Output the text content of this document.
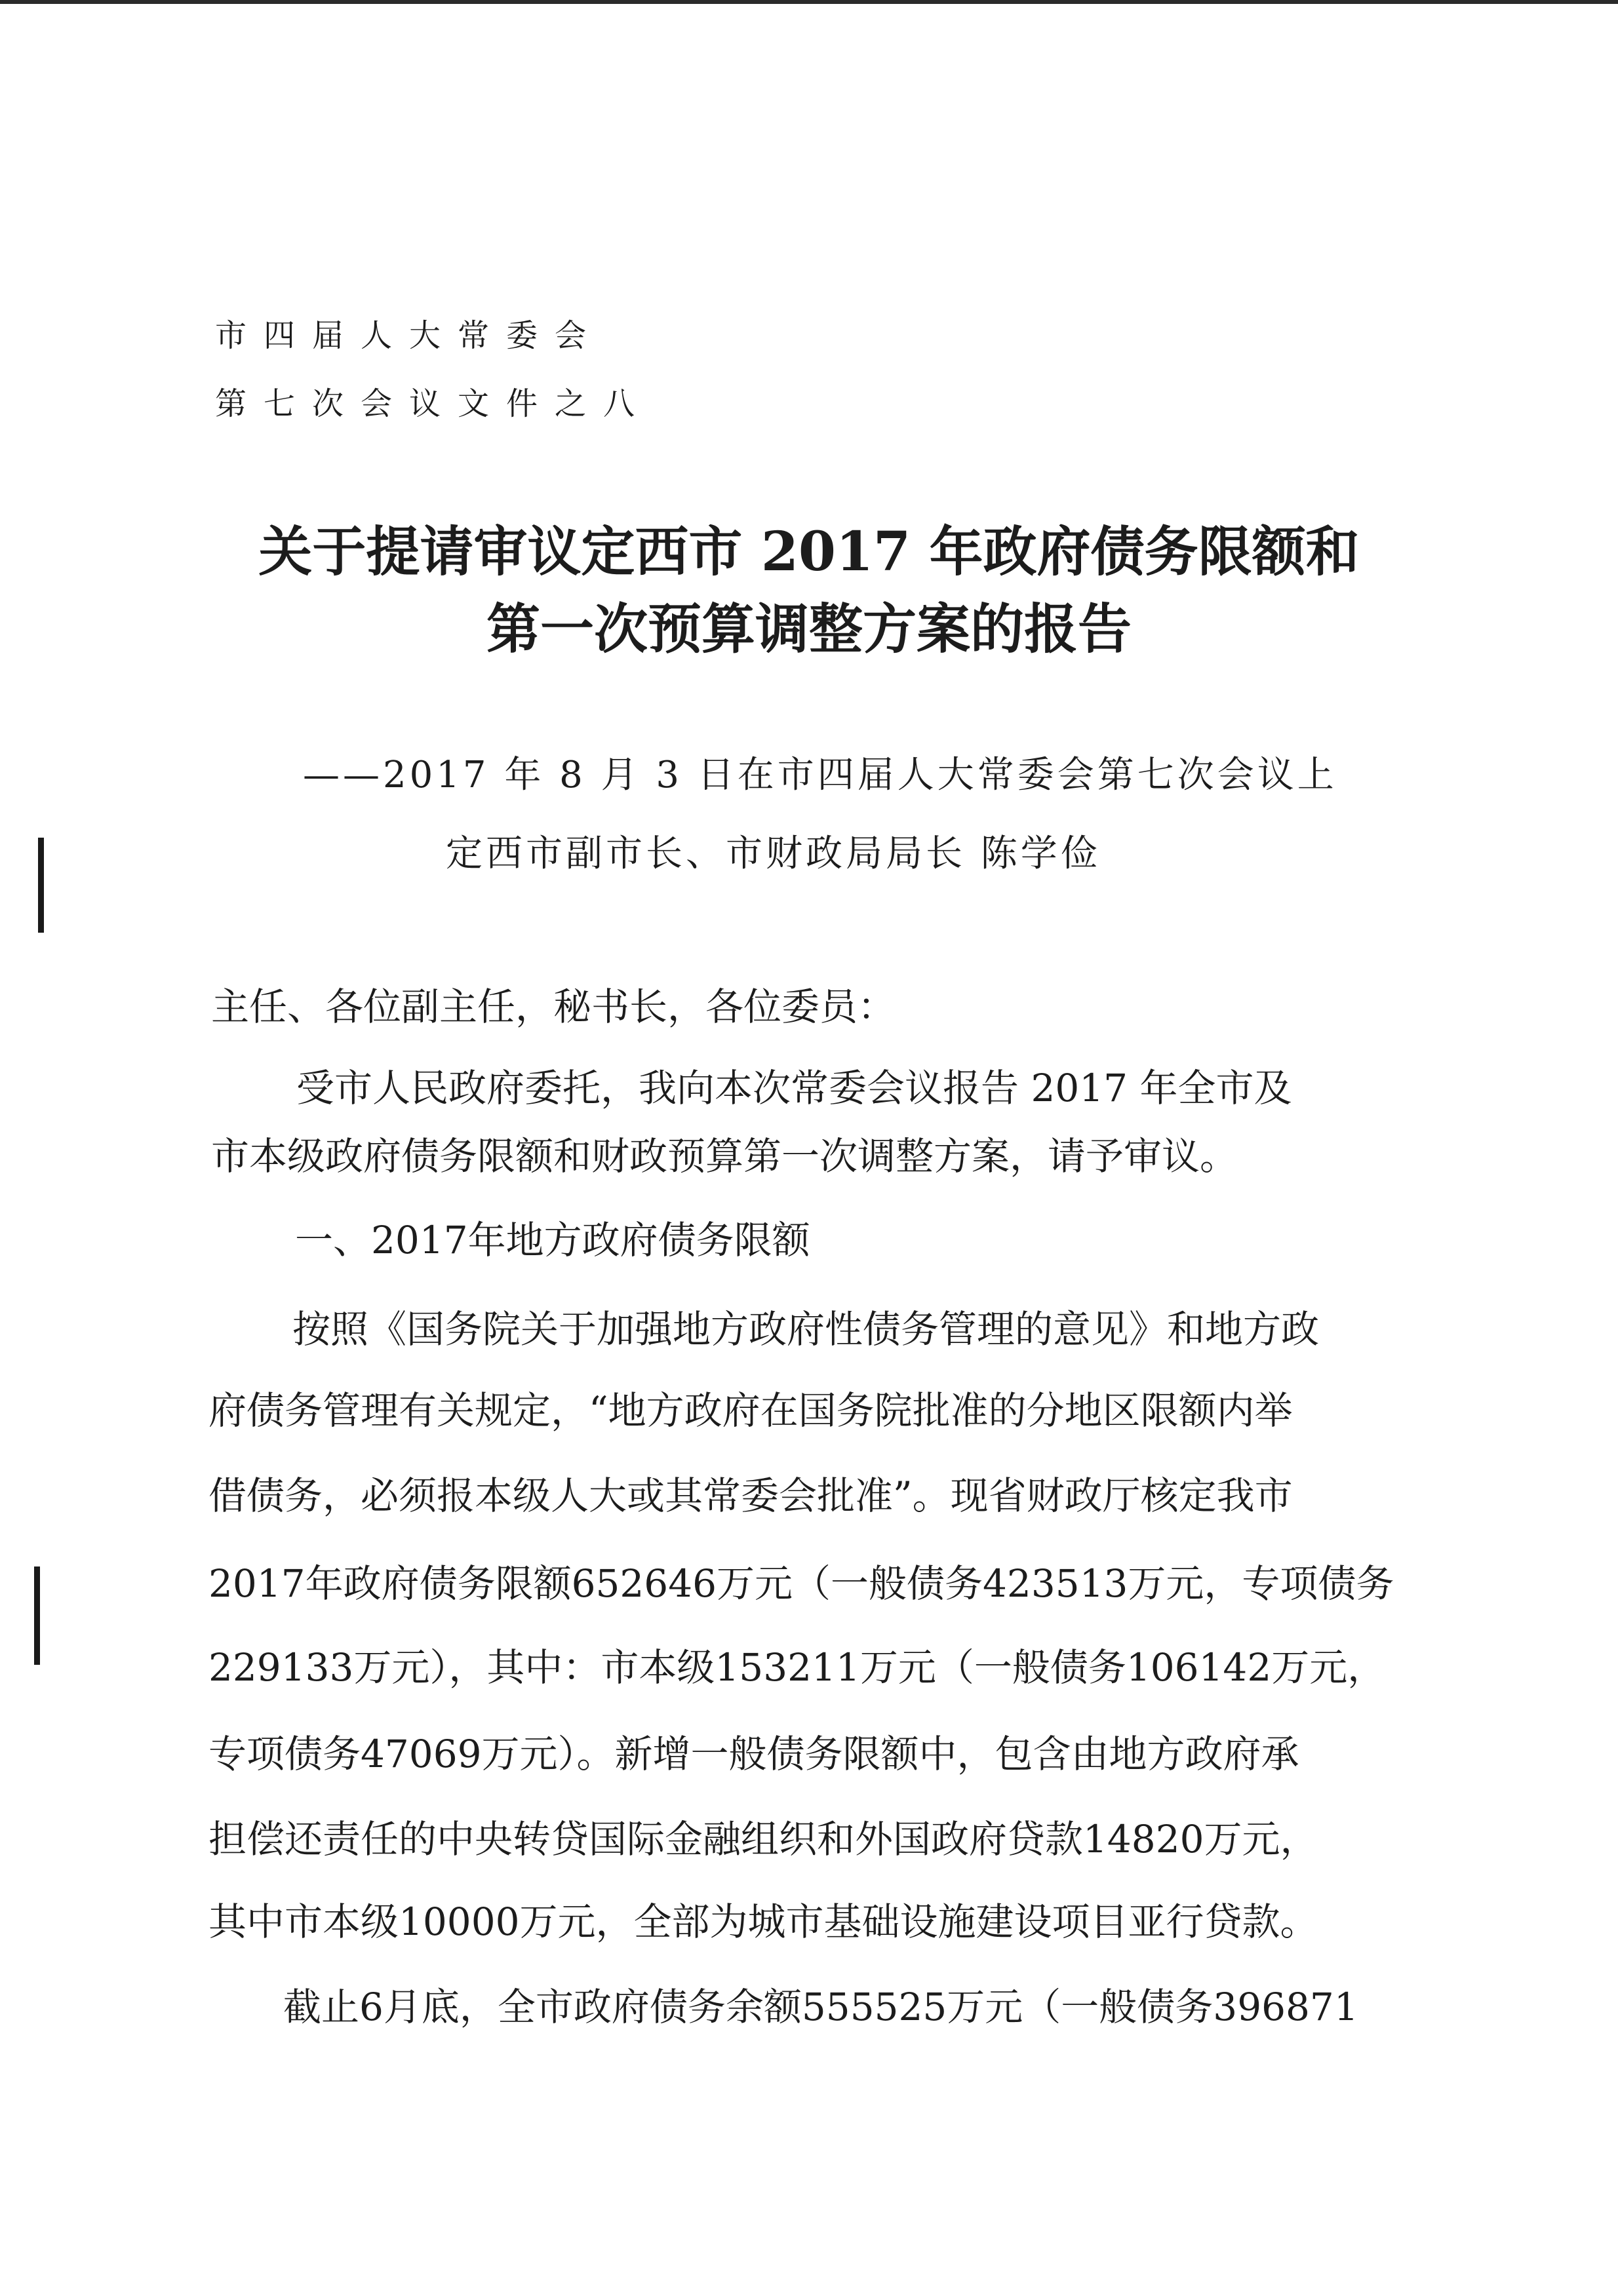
市四届人大常委会
第七次会议文件之八
关于提请审议定西市 2017 年政府债务限额和
第一次预算调整方案的报告
——2017 年 8 月 3 日在市四届人大常委会第七次会议上
定西市副市长、市财政局局长 陈学俭
主任、各位副主任，秘书长，各位委员：
受市人民政府委托，我向本次常委会议报告 2017 年全市及
市本级政府债务限额和财政预算第一次调整方案，请予审议。
一、2017年地方政府债务限额
按照《国务院关于加强地方政府性债务管理的意见》和地方政
府债务管理有关规定，“地方政府在国务院批准的分地区限额内举
借债务，必须报本级人大或其常委会批准”。现省财政厅核定我市
2017年政府债务限额652646万元（一般债务423513万元，专项债务
229133万元），其中：市本级153211万元（一般债务106142万元，
专项债务47069万元）。新增一般债务限额中，包含由地方政府承
担偿还责任的中央转贷国际金融组织和外国政府贷款14820万元，
其中市本级10000万元，全部为城市基础设施建设项目亚行贷款。
截止6月底，全市政府债务余额555525万元（一般债务396871
